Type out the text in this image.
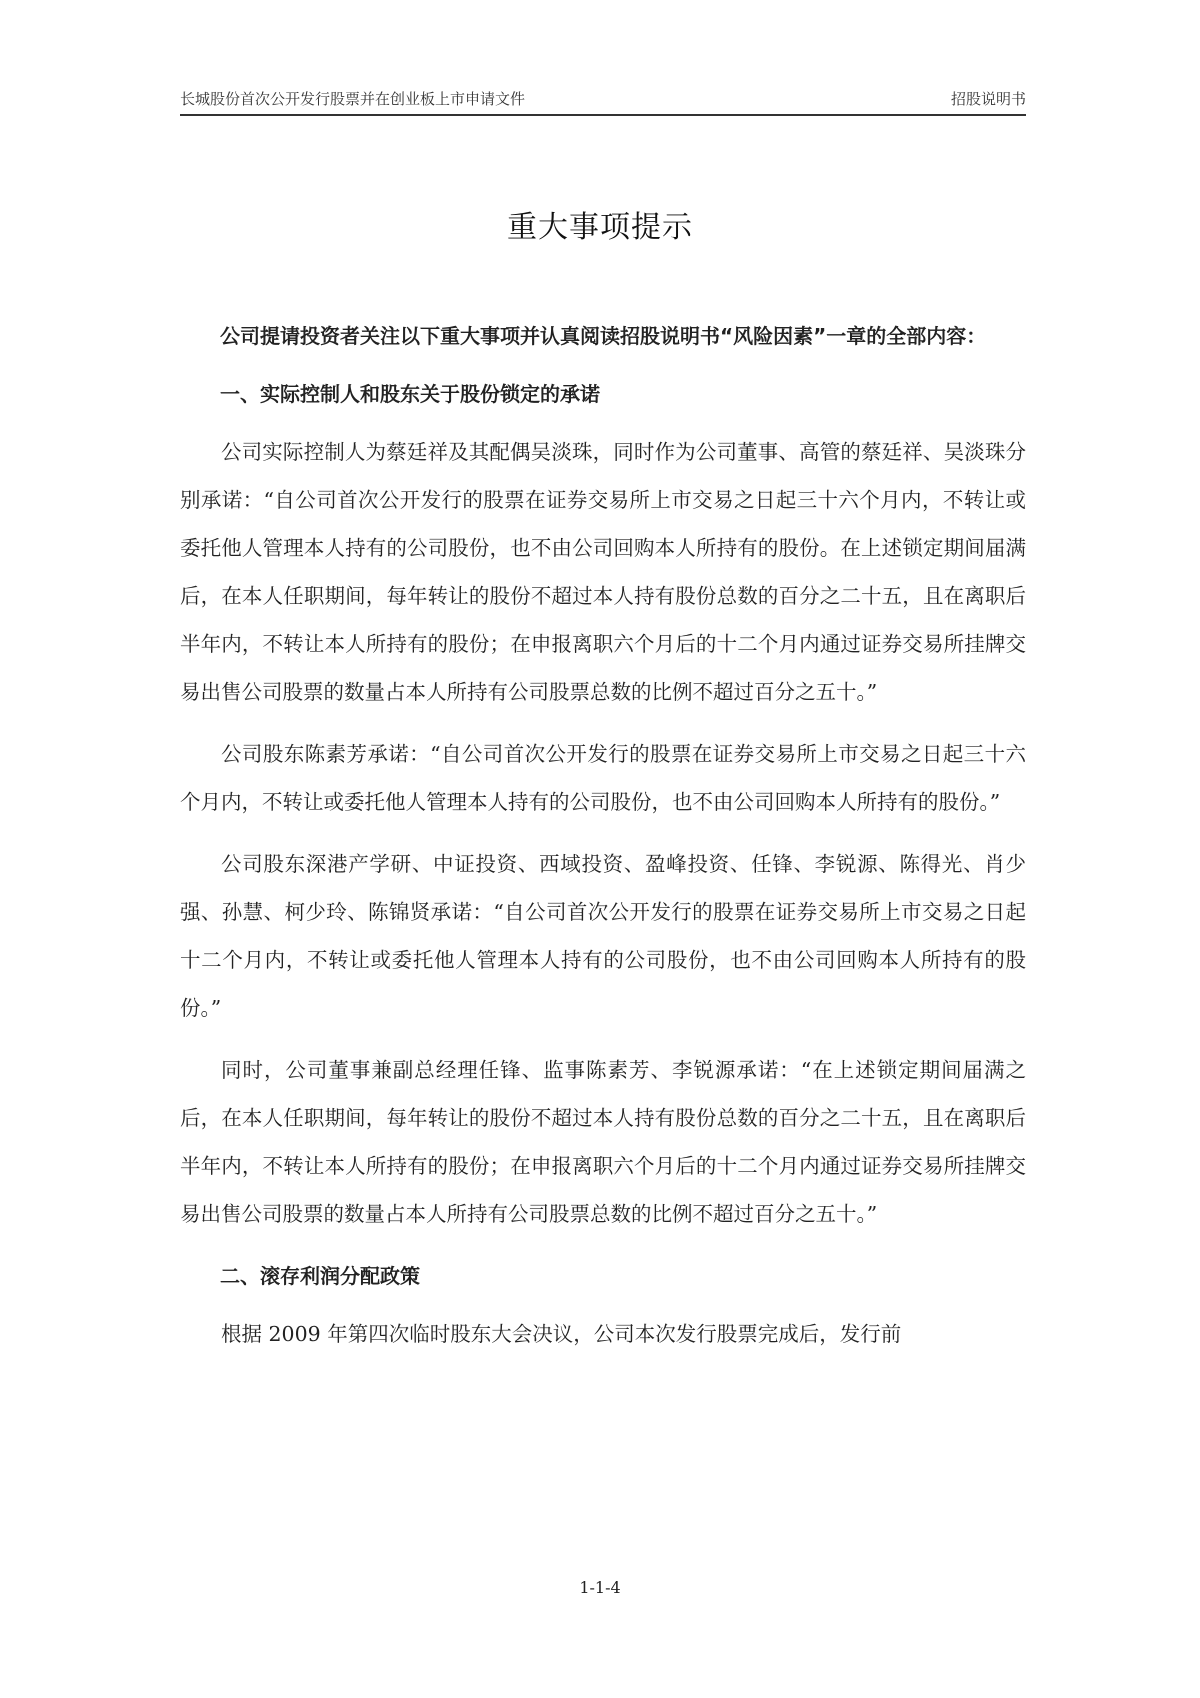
长城股份首次公开发行股票并在创业板上市申请文件	招股说明书
重大事项提示

公司提请投资者关注以下重大事项并认真阅读招股说明书“风险因素”一章的全部内容：

一、实际控制人和股东关于股份锁定的承诺

公司实际控制人为蔡廷祥及其配偶吴淡珠，同时作为公司董事、高管的蔡廷祥、吴淡珠分别承诺：“自公司首次公开发行的股票在证券交易所上市交易之日起三十六个月内，不转让或委托他人管理本人持有的公司股份，也不由公司回购本人所持有的股份。在上述锁定期间届满后，在本人任职期间，每年转让的股份不超过本人持有股份总数的百分之二十五，且在离职后半年内，不转让本人所持有的股份；在申报离职六个月后的十二个月内通过证券交易所挂牌交易出售公司股票的数量占本人所持有公司股票总数的比例不超过百分之五十。”

公司股东陈素芳承诺：“自公司首次公开发行的股票在证券交易所上市交易之日起三十六个月内，不转让或委托他人管理本人持有的公司股份，也不由公司回购本人所持有的股份。”

公司股东深港产学研、中证投资、西域投资、盈峰投资、任锋、李锐源、陈得光、肖少强、孙慧、柯少玲、陈锦贤承诺：“自公司首次公开发行的股票在证券交易所上市交易之日起十二个月内，不转让或委托他人管理本人持有的公司股份，也不由公司回购本人所持有的股份。”

同时，公司董事兼副总经理任锋、监事陈素芳、李锐源承诺：“在上述锁定期间届满之后，在本人任职期间，每年转让的股份不超过本人持有股份总数的百分之二十五，且在离职后半年内，不转让本人所持有的股份；在申报离职六个月后的十二个月内通过证券交易所挂牌交易出售公司股票的数量占本人所持有公司股票总数的比例不超过百分之五十。”

二、滚存利润分配政策

根据 2009 年第四次临时股东大会决议，公司本次发行股票完成后，发行前

1-1-4
